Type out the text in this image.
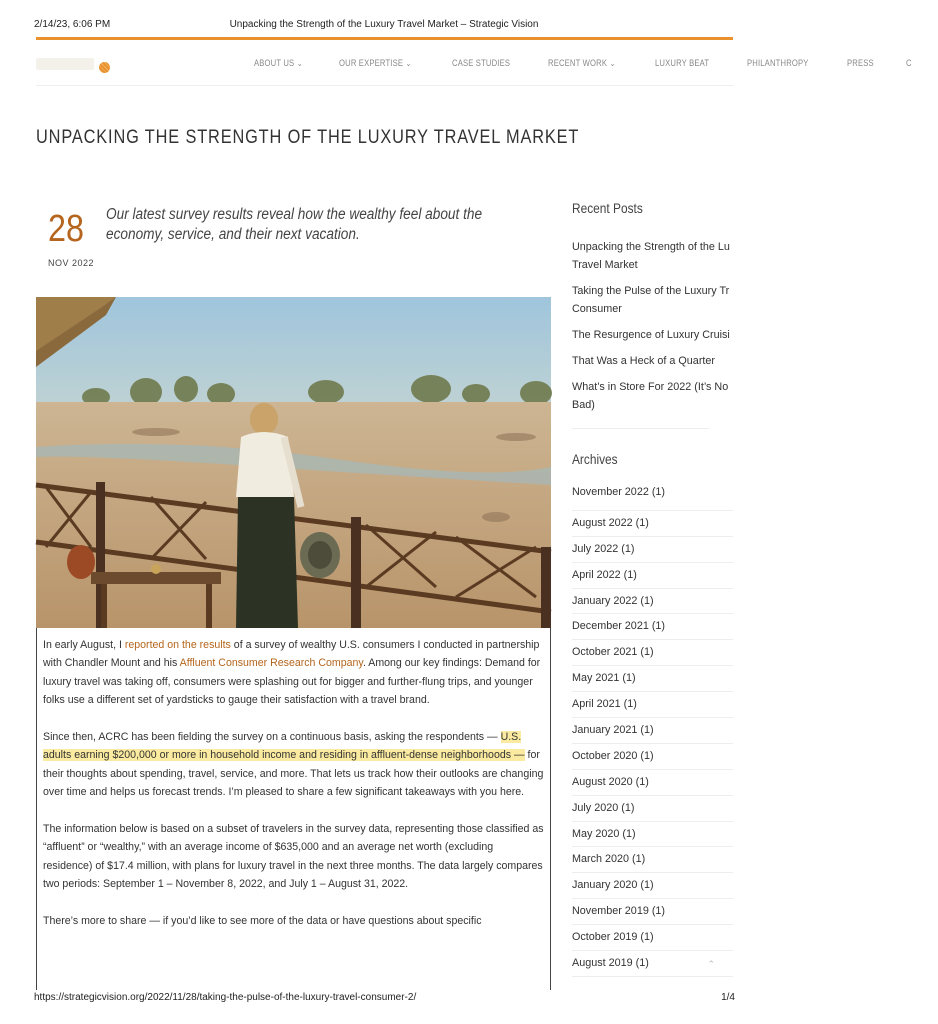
2/14/23, 6:06 PM	Unpacking the Strength of the Luxury Travel Market – Strategic Vision
ABOUT US ⌄	OUR EXPERTISE ⌄	CASE STUDIES	RECENT WORK ⌄	LUXURY BEAT	PHILANTHROPY	PRESS	C
UNPACKING THE STRENGTH OF THE LUXURY TRAVEL MARKET
28
NOV 2022
Our latest survey results reveal how the wealthy feel about the economy, service, and their next vacation.

In early August, I reported on the results of a survey of wealthy U.S. consumers I conducted in partnership with Chandler Mount and his Affluent Consumer Research Company. Among our key findings: Demand for luxury travel was taking off, consumers were splashing out for bigger and further-flung trips, and younger folks use a different set of yardsticks to gauge their satisfaction with a travel brand.

Since then, ACRC has been fielding the survey on a continuous basis, asking the respondents — U.S. adults earning $200,000 or more in household income and residing in affluent-dense neighborhoods — for their thoughts about spending, travel, service, and more. That lets us track how their outlooks are changing over time and helps us forecast trends. I’m pleased to share a few significant takeaways with you here.

The information below is based on a subset of travelers in the survey data, representing those classified as “affluent” or “wealthy,” with an average income of $635,000 and an average net worth (excluding residence) of $17.4 million, with plans for luxury travel in the next three months. The data largely compares two periods: September 1 – November 8, 2022, and July 1 – August 31, 2022.

There’s more to share — if you’d like to see more of the data or have questions about specific

Recent Posts
Unpacking the Strength of the Lu
Travel Market
Taking the Pulse of the Luxury Tr
Consumer
The Resurgence of Luxury Cruisi
That Was a Heck of a Quarter
What’s in Store For 2022 (It’s No
Bad)
Archives
November 2022 (1)
August 2022 (1)
July 2022 (1)
April 2022 (1)
January 2022 (1)
December 2021 (1)
October 2021 (1)
May 2021 (1)
April 2021 (1)
January 2021 (1)
October 2020 (1)
August 2020 (1)
July 2020 (1)
May 2020 (1)
March 2020 (1)
January 2020 (1)
November 2019 (1)
October 2019 (1)
August 2019 (1)	⌃
https://strategicvision.org/2022/11/28/taking-the-pulse-of-the-luxury-travel-consumer-2/	1/4
